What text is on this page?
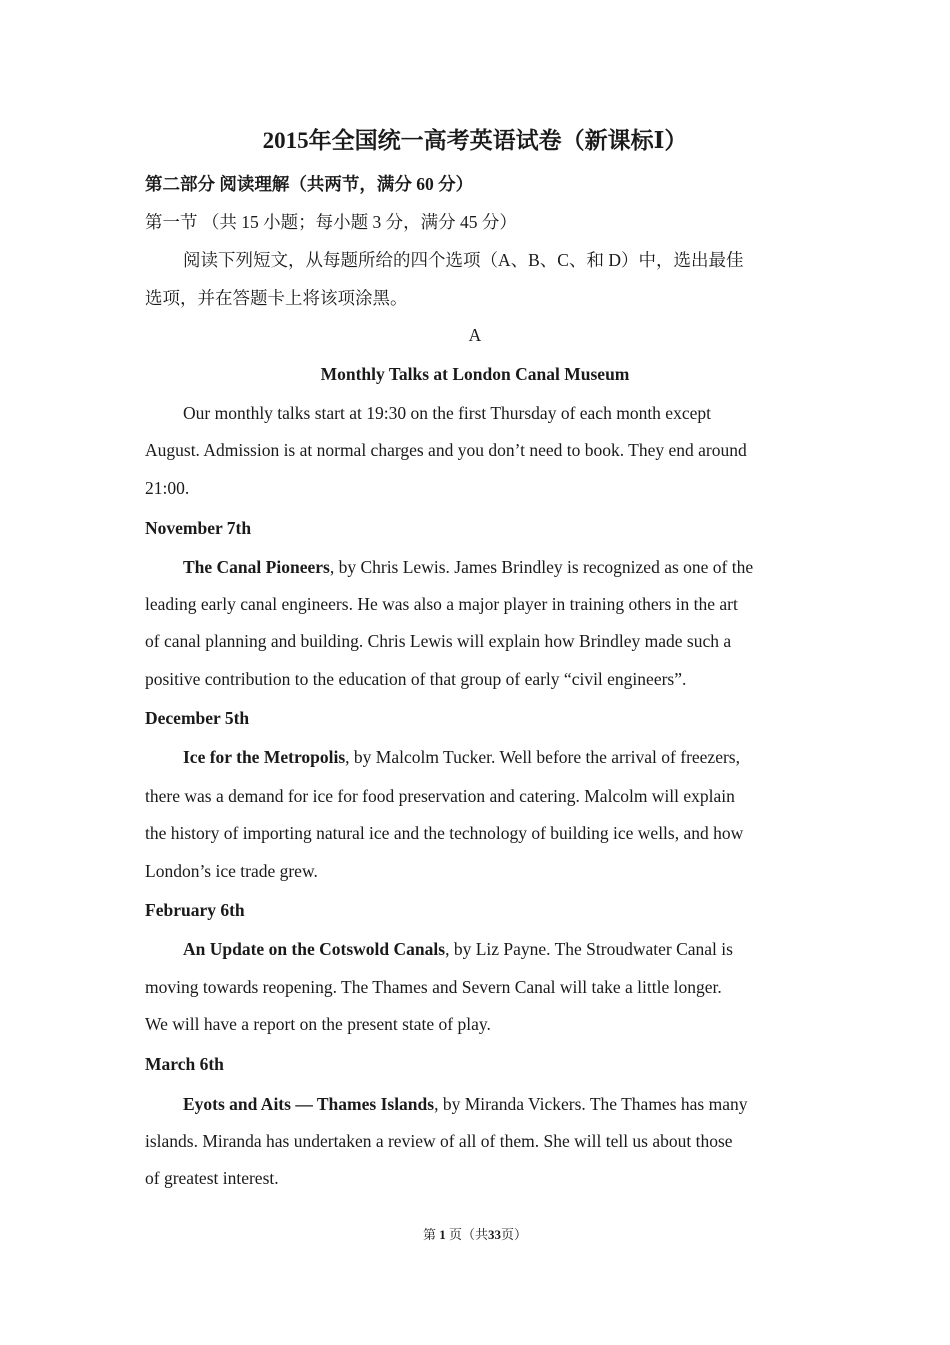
2015年全国统一高考英语试卷（新课标Ⅰ）
第二部分 阅读理解（共两节，满分 60 分）
第一节 （共 15 小题；每小题 3 分，满分 45 分）
阅读下列短文，从每题所给的四个选项（A、B、C、和 D）中，选出最佳
选项，并在答题卡上将该项涂黑。
A
Monthly Talks at London Canal Museum
Our monthly talks start at 19:30 on the first Thursday of each month except
August. Admission is at normal charges and you don’t need to book. They end around
21:00.
November 7th
The Canal Pioneers, by Chris Lewis. James Brindley is recognized as one of the
leading early canal engineers. He was also a major player in training others in the art
of canal planning and building. Chris Lewis will explain how Brindley made such a
positive contribution to the education of that group of early “civil engineers”.
December 5th
Ice for the Metropolis, by Malcolm Tucker. Well before the arrival of freezers,
there was a demand for ice for food preservation and catering. Malcolm will explain
the history of importing natural ice and the technology of building ice wells, and how
London’s ice trade grew.
February 6th
An Update on the Cotswold Canals, by Liz Payne. The Stroudwater Canal is
moving towards reopening. The Thames and Severn Canal will take a little longer.
We will have a report on the present state of play.
March 6th
Eyots and Aits — Thames Islands, by Miranda Vickers. The Thames has many
islands. Miranda has undertaken a review of all of them. She will tell us about those
of greatest interest.
第 1 页（共33页）
